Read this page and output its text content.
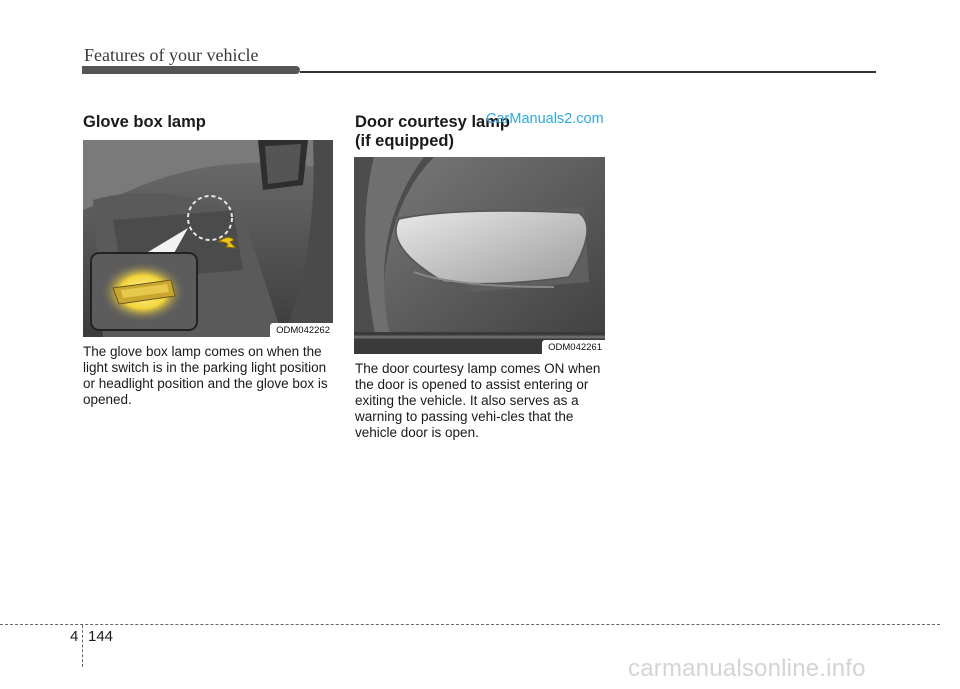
Features of your vehicle
Glove box lamp
ODM042262

The glove box lamp comes on when the light switch is in the parking light position or headlight position and the glove box is opened.

Door courtesy lamp
(if equipped)
CarManuals2.com
ODM042261

The door courtesy lamp comes ON when the door is opened to assist entering or exiting the vehicle. It also serves as a warning to passing vehi-cles that the vehicle door is open.

4 144
carmanualsonline.info
